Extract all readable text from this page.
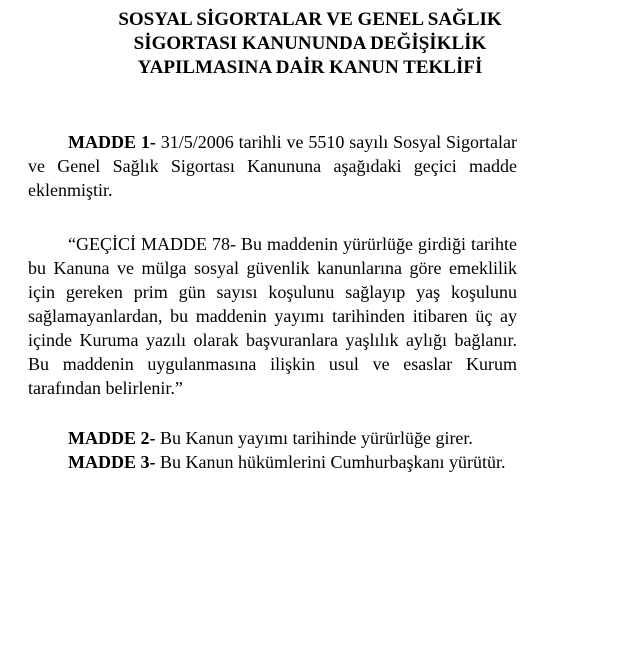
SOSYAL SİGORTALAR VE GENEL SAĞLIK
SİGORTASI KANUNUNDA DEĞİŞİKLİK
YAPILMASINA DAİR KANUN TEKLİFİ
MADDE 1- 31/5/2006 tarihli ve 5510 sayılı Sosyal Sigortalar ve Genel Sağlık Sigortası Kanununa aşağıdaki geçici madde eklenmiştir.
“GEÇİCİ MADDE 78- Bu maddenin yürürlüğe girdiği tarihte bu Kanuna ve mülga sosyal güvenlik kanunlarına göre emeklilik için gereken prim gün sayısı koşulunu sağlayıp yaş koşulunu sağlamayanlardan, bu maddenin yayımı tarihinden itibaren üç ay içinde Kuruma yazılı olarak başvuranlara yaşlılık aylığı bağlanır. Bu maddenin uygulanmasına ilişkin usul ve esaslar Kurum tarafından belirlenir.”
MADDE 2- Bu Kanun yayımı tarihinde yürürlüğe girer.
MADDE 3- Bu Kanun hükümlerini Cumhurbaşkanı yürütür.
